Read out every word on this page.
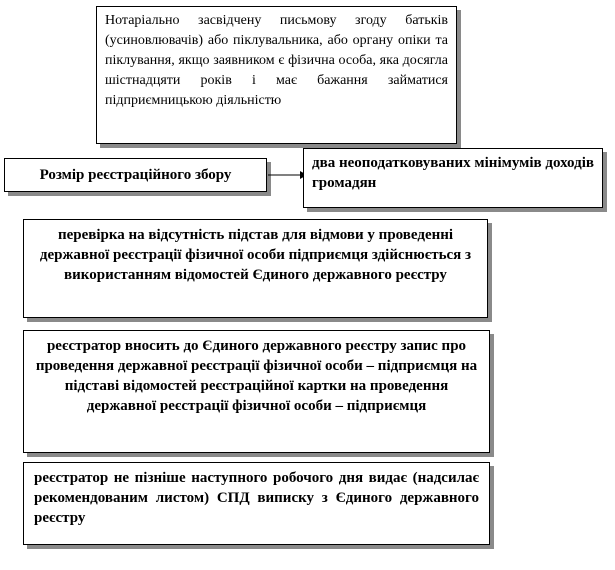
Нотаріально засвідчену письмову згоду батьків (усиновлювачів) або піклувальника, або органу опіки та піклування, якщо заявником є фізична особа, яка досягла шістнадцяти років і має бажання займатися підприємницькою діяльністю

Розмір реєстраційного збору

два неоподатковуваних мінімумів доходів громадян

перевірка на відсутність підстав для відмови у проведенні державної реєстрації фізичної особи підприємця здійснюється з використанням відомостей Єдиного державного реєстру

реєстратор вносить до Єдиного державного реєстру запис про проведення державної реєстрації фізичної особи – підприємця на підставі відомостей реєстраційної картки на проведення державної реєстрації фізичної особи – підприємця

реєстратор не пізніше наступного робочого дня видає (надсилає рекомендованим листом) СПД виписку з Єдиного державного реєстру
